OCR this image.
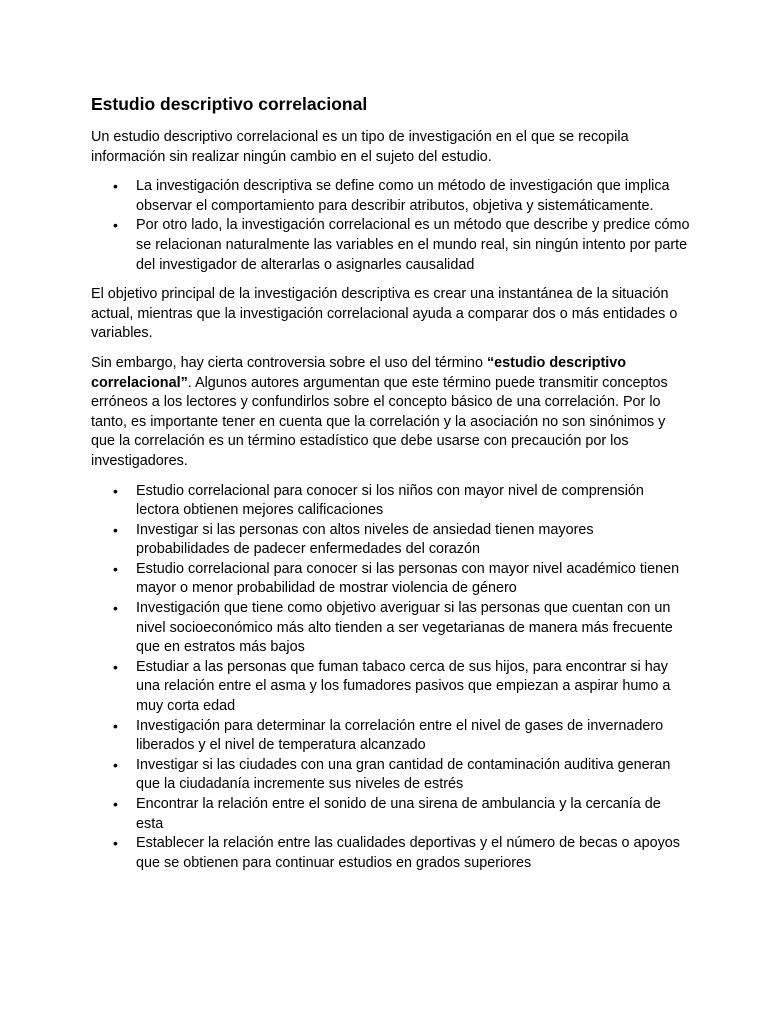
Estudio descriptivo correlacional

Un estudio descriptivo correlacional es un tipo de investigación en el que se recopila información sin realizar ningún cambio en el sujeto del estudio.

• La investigación descriptiva se define como un método de investigación que implica observar el comportamiento para describir atributos, objetiva y sistemáticamente.
• Por otro lado, la investigación correlacional es un método que describe y predice cómo se relacionan naturalmente las variables en el mundo real, sin ningún intento por parte del investigador de alterarlas o asignarles causalidad

El objetivo principal de la investigación descriptiva es crear una instantánea de la situación actual, mientras que la investigación correlacional ayuda a comparar dos o más entidades o variables.

Sin embargo, hay cierta controversia sobre el uso del término “estudio descriptivo correlacional”. Algunos autores argumentan que este término puede transmitir conceptos erróneos a los lectores y confundirlos sobre el concepto básico de una correlación. Por lo tanto, es importante tener en cuenta que la correlación y la asociación no son sinónimos y que la correlación es un término estadístico que debe usarse con precaución por los investigadores.

• Estudio correlacional para conocer si los niños con mayor nivel de comprensión lectora obtienen mejores calificaciones
• Investigar si las personas con altos niveles de ansiedad tienen mayores probabilidades de padecer enfermedades del corazón
• Estudio correlacional para conocer si las personas con mayor nivel académico tienen mayor o menor probabilidad de mostrar violencia de género
• Investigación que tiene como objetivo averiguar si las personas que cuentan con un nivel socioeconómico más alto tienden a ser vegetarianas de manera más frecuente que en estratos más bajos
• Estudiar a las personas que fuman tabaco cerca de sus hijos, para encontrar si hay una relación entre el asma y los fumadores pasivos que empiezan a aspirar humo a muy corta edad
• Investigación para determinar la correlación entre el nivel de gases de invernadero liberados y el nivel de temperatura alcanzado
• Investigar si las ciudades con una gran cantidad de contaminación auditiva generan que la ciudadanía incremente sus niveles de estrés
• Encontrar la relación entre el sonido de una sirena de ambulancia y la cercanía de esta
• Establecer la relación entre las cualidades deportivas y el número de becas o apoyos que se obtienen para continuar estudios en grados superiores
